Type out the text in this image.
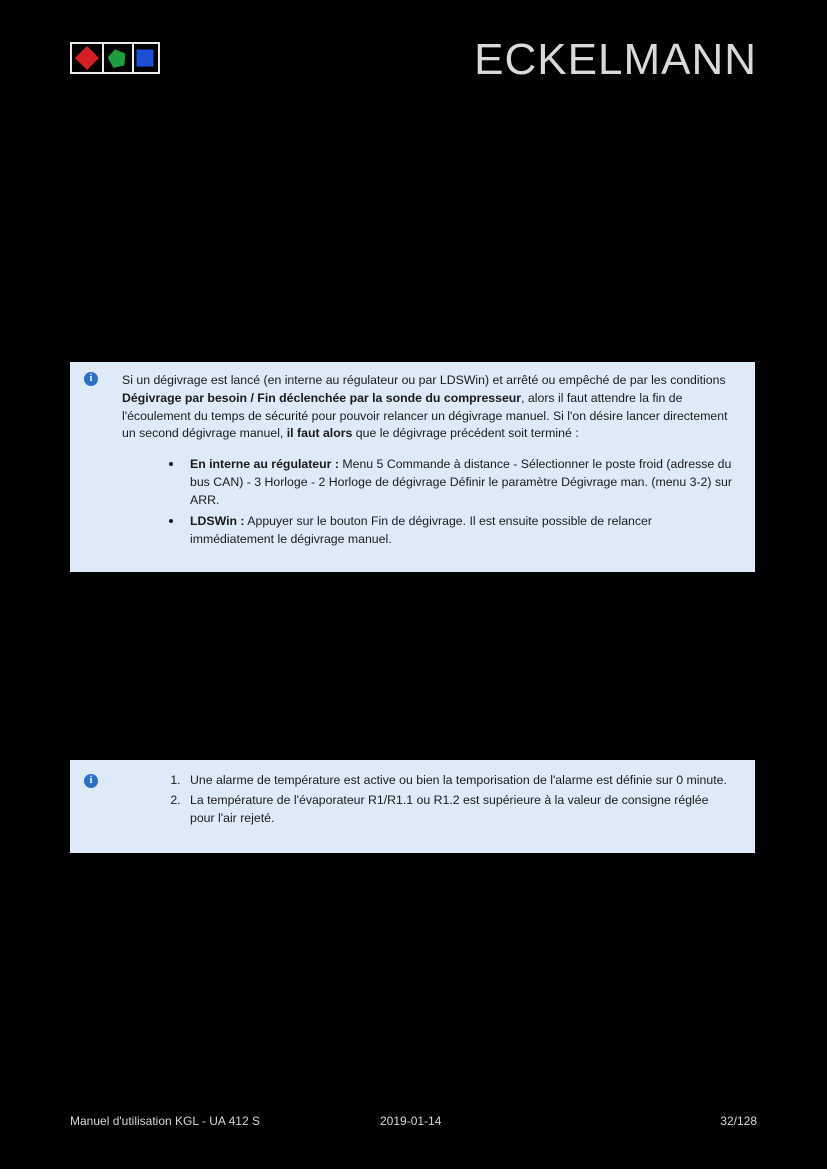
ECKELMANN
i	Si un dégivrage est lancé (en interne au régulateur ou par LDSWin) et arrêté ou empêché de par les conditions Dégivrage par besoin / Fin déclenchée par la sonde du compresseur, alors il faut attendre la fin de l'écoulement du temps de sécurité pour pouvoir relancer un dégivrage manuel. Si l'on désire lancer directement un second dégivrage manuel, il faut alors que le dégivrage précédent soit terminé :

• En interne au régulateur : Menu 5 Commande à distance - Sélectionner le poste froid (adresse du bus CAN) - 3 Horloge - 2 Horloge de dégivrage Définir le paramètre Dégivrage man. (menu 3-2) sur ARR.
• LDSWin : Appuyer sur le bouton Fin de dégivrage. Il est ensuite possible de relancer immédiatement le dégivrage manuel.
i	1. Une alarme de température est active ou bien la temporisation de l'alarme est définie sur 0 minute.
2. La température de l'évaporateur R1/R1.1 ou R1.2 est supérieure à la valeur de consigne réglée pour l'air rejeté.
Manuel d'utilisation KGL - UA 412 S	2019-01-14	32/128
